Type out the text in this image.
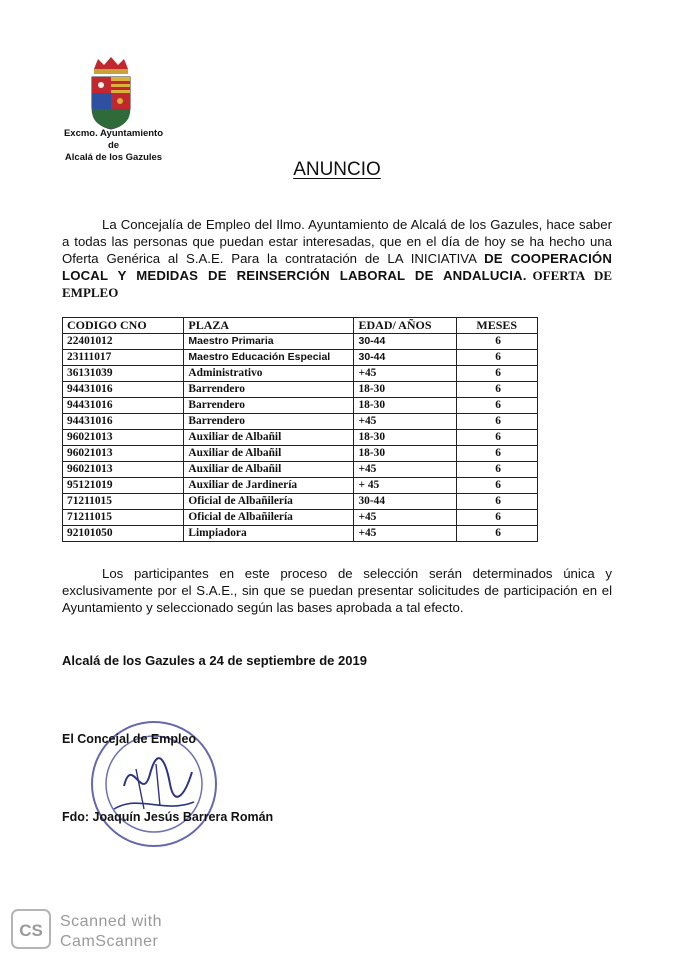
Excmo. Ayuntamiento
de
Alcalá de los Gazules
ANUNCIO
La Concejalía de Empleo del Ilmo. Ayuntamiento de Alcalá de los Gazules, hace saber a todas las personas que puedan estar interesadas, que en el día de hoy se ha hecho una Oferta Genérica al S.A.E. Para la contratación de LA INICIATIVA DE COOPERACIÓN LOCAL Y MEDIDAS DE REINSERCIÓN LABORAL DE ANDALUCIA. OFERTA DE EMPLEO
CODIGO CNO	PLAZA	EDAD/ AÑOS	MESES
22401012	Maestro Primaria	30-44	6
23111017	Maestro Educación Especial	30-44	6
36131039	Administrativo	+45	6
94431016	Barrendero	18-30	6
94431016	Barrendero	18-30	6
94431016	Barrendero	+45	6
96021013	Auxiliar de Albañil	18-30	6
96021013	Auxiliar de Albañil	18-30	6
96021013	Auxiliar de Albañil	+45	6
95121019	Auxiliar de Jardinería	+ 45	6
71211015	Oficial de Albañilería	30-44	6
71211015	Oficial de Albañilería	+45	6
92101050	Limpiadora	+45	6
Los participantes en este proceso de selección serán determinados única y exclusivamente por el S.A.E., sin que se puedan presentar solicitudes de participación en el Ayuntamiento y seleccionado según las bases aprobada a tal efecto.
Alcalá de los Gazules a 24 de septiembre de 2019
El Concejal de Empleo
Fdo: Joaquín Jesús Barrera Román
CS Scanned with
CamScanner
